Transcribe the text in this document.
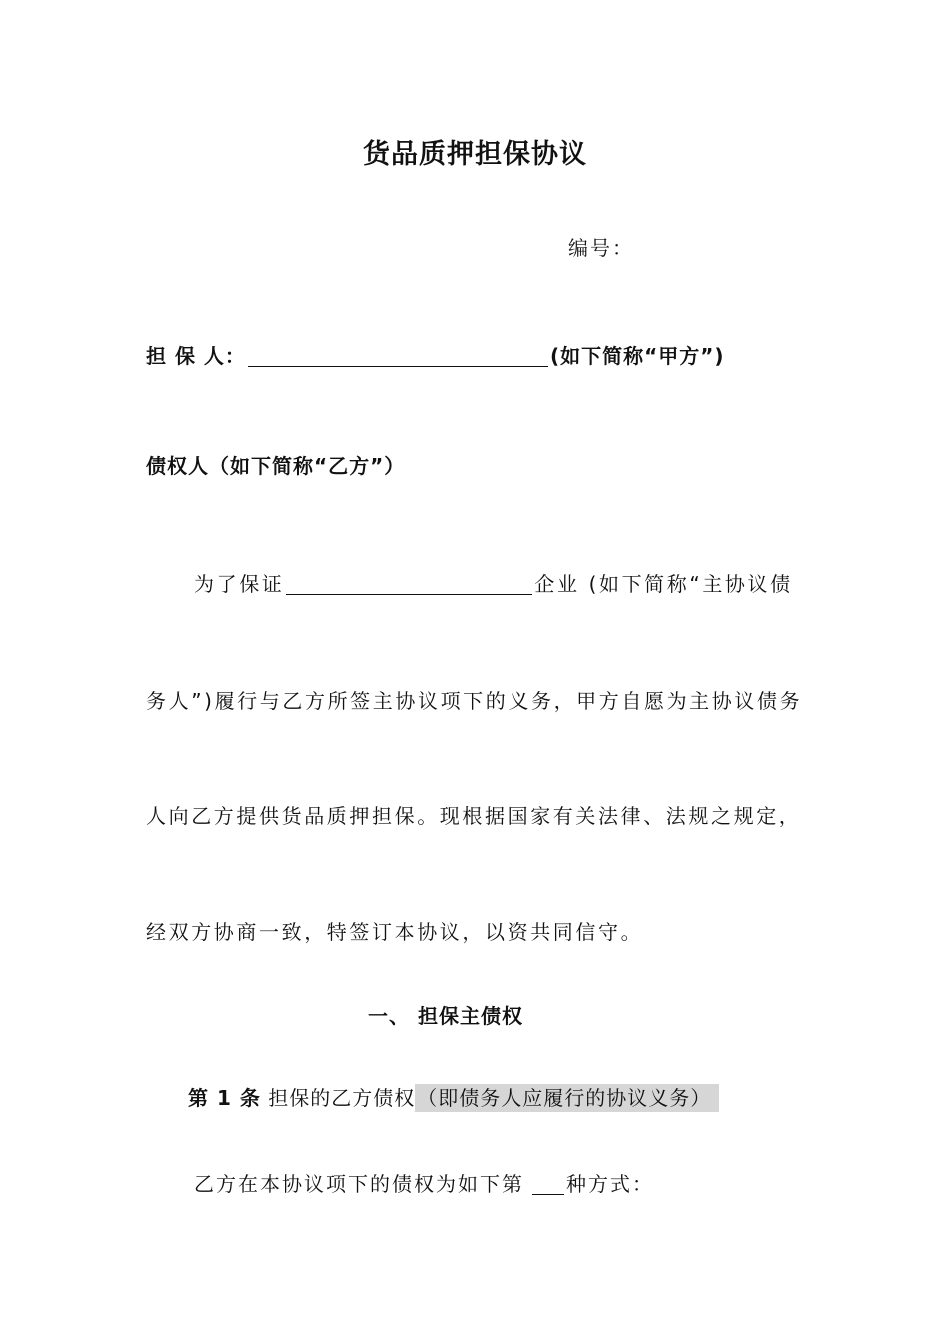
货品质押担保协议
编号：
担 保 人：	(如下简称“甲方”)
债权人（如下简称“乙方”）
为了保证	企业 (如下简称“主协议债
务人”)履行与乙方所签主协议项下的义务，甲方自愿为主协议债务
人向乙方提供货品质押担保。现根据国家有关法律、法规之规定，
经双方协商一致，特签订本协议，以资共同信守。
一、 担保主债权
第 1 条 担保的乙方债权 （即债务人应履行的协议义务）
乙方在本协议项下的债权为如下第 种方式：
